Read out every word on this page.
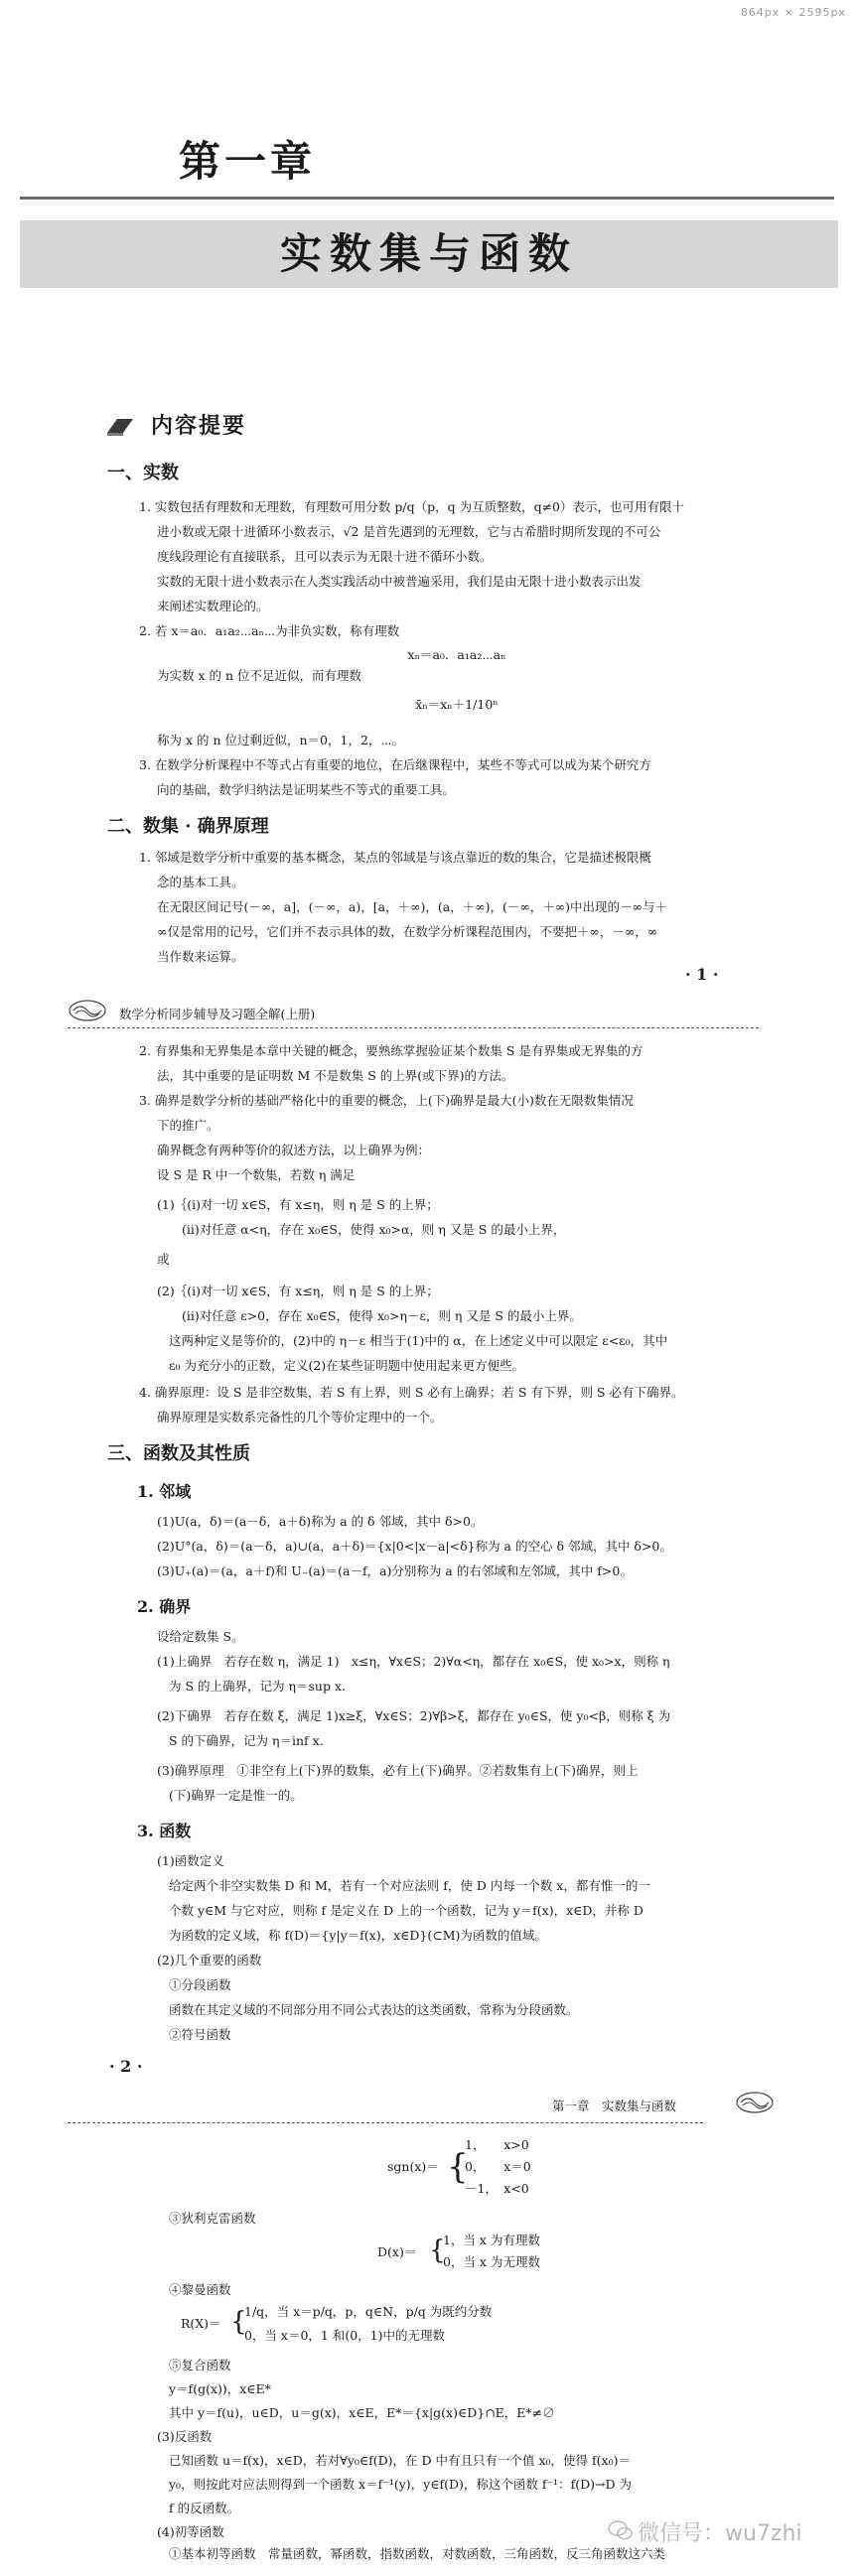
864px × 2595px
第一章
实数集与函数
内容提要
一、实数
1. 实数包括有理数和无理数，有理数可用分数 p/q（p，q 为互质整数，q≠0）表示，也可用有限十
进小数或无限十进循环小数表示，√2 是首先遇到的无理数，它与古希腊时期所发现的不可公
度线段理论有直接联系，且可以表示为无限十进不循环小数。
实数的无限十进小数表示在人类实践活动中被普遍采用，我们是由无限十进小数表示出发
来阐述实数理论的。
2. 若 x＝a₀．a₁a₂⋯aₙ⋯为非负实数，称有理数
xₙ＝a₀．a₁a₂⋯aₙ
为实数 x 的 n 位不足近似，而有理数
x̄ₙ＝xₙ＋1/10ⁿ
称为 x 的 n 位过剩近似，n＝0，1，2，⋯。
3. 在数学分析课程中不等式占有重要的地位，在后继课程中，某些不等式可以成为某个研究方
向的基础，数学归纳法是证明某些不等式的重要工具。
二、数集 · 确界原理
1. 邻域是数学分析中重要的基本概念，某点的邻域是与该点靠近的数的集合，它是描述极限概
念的基本工具。
在无限区间记号(－∞，a]，(－∞，a)，[a，＋∞)，(a，＋∞)，(－∞，＋∞)中出现的－∞与＋
∞仅是常用的记号，它们并不表示具体的数，在数学分析课程范围内，不要把＋∞，－∞，∞
当作数来运算。
· 1 ·
数学分析同步辅导及习题全解(上册)
2. 有界集和无界集是本章中关键的概念，要熟练掌握验证某个数集 S 是有界集或无界集的方
法，其中重要的是证明数 M 不是数集 S 的上界(或下界)的方法。
3. 确界是数学分析的基础严格化中的重要的概念，上(下)确界是最大(小)数在无限数集情况
下的推广。
确界概念有两种等价的叙述方法，以上确界为例：
设 S 是 R 中一个数集，若数 η 满足
(1)｛(ⅰ)对一切 x∈S，有 x≤η，则 η 是 S 的上界；
　　(ⅱ)对任意 α<η，存在 x₀∈S，使得 x₀>α，则 η 又是 S 的最小上界，
或
(2)｛(ⅰ)对一切 x∈S，有 x≤η，则 η 是 S 的上界；
　　(ⅱ)对任意 ε>0，存在 x₀∈S，使得 x₀>η－ε，则 η 又是 S 的最小上界。
这两种定义是等价的，(2)中的 η－ε 相当于(1)中的 α，在上述定义中可以限定 ε<ε₀，其中
ε₀ 为充分小的正数，定义(2)在某些证明题中使用起来更方便些。
4. 确界原理：设 S 是非空数集，若 S 有上界，则 S 必有上确界；若 S 有下界，则 S 必有下确界。
确界原理是实数系完备性的几个等价定理中的一个。
三、函数及其性质
1. 邻域
(1)U(a，δ)＝(a－δ，a＋δ)称为 a 的 δ 邻域，其中 δ>0。
(2)U°(a，δ)＝(a－δ，a)∪(a，a＋δ)＝{x|0<|x－a|<δ}称为 a 的空心 δ 邻域，其中 δ>0。
(3)U₊(a)＝(a，a＋f)和 U₋(a)＝(a－f，a)分别称为 a 的右邻域和左邻域，其中 f>0。
2. 确界
设给定数集 S。
(1)上确界　若存在数 η，满足 1)　x≤η，∀x∈S；2)∀α<η，都存在 x₀∈S，使 x₀>x，则称 η
为 S 的上确界，记为 η＝sup x.
(2)下确界　若存在数 ξ，满足 1)x≥ξ，∀x∈S；2)∀β>ξ，都存在 y₀∈S，使 y₀<β，则称 ξ 为
S 的下确界，记为 η＝inf x.
(3)确界原理　①非空有上(下)界的数集，必有上(下)确界。②若数集有上(下)确界，则上
(下)确界一定是惟一的。
3. 函数
(1)函数定义
给定两个非空实数集 D 和 M，若有一个对应法则 f，使 D 内每一个数 x，都有惟一的一
个数 y∈M 与它对应，则称 f 是定义在 D 上的一个函数，记为 y＝f(x)，x∈D，并称 D
为函数的定义域，称 f(D)＝{y|y＝f(x)，x∈D}(⊂M)为函数的值域。
(2)几个重要的函数
①分段函数
函数在其定义域的不同部分用不同公式表达的这类函数，常称为分段函数。
②符号函数
· 2 ·
第一章　实数集与函数
sgn(x)＝ {
1，　　x>0
0，　　x＝0
－1，　x<0
③狄利克雷函数
D(x)＝ {
1，当 x 为有理数
0，当 x 为无理数
④黎曼函数
R(X)＝ {
1/q，当 x＝p/q，p，q∈N，p/q 为既约分数
0，当 x＝0，1 和(0，1)中的无理数
⑤复合函数
y＝f(g(x))，x∈E*
其中 y＝f(u)，u∈D，u＝g(x)，x∈E，E*＝{x|g(x)∈D}∩E，E*≠∅
(3)反函数
已知函数 u＝f(x)，x∈D，若对∀y₀∈f(D)，在 D 中有且只有一个值 x₀，使得 f(x₀)＝
y₀，则按此对应法则得到一个函数 x＝f⁻¹(y)，y∈f(D)，称这个函数 f⁻¹：f(D)→D 为
f 的反函数。
(4)初等函数
①基本初等函数　常量函数，幂函数，指数函数，对数函数，三角函数，反三角函数这六类
微信号：wu7zhi
